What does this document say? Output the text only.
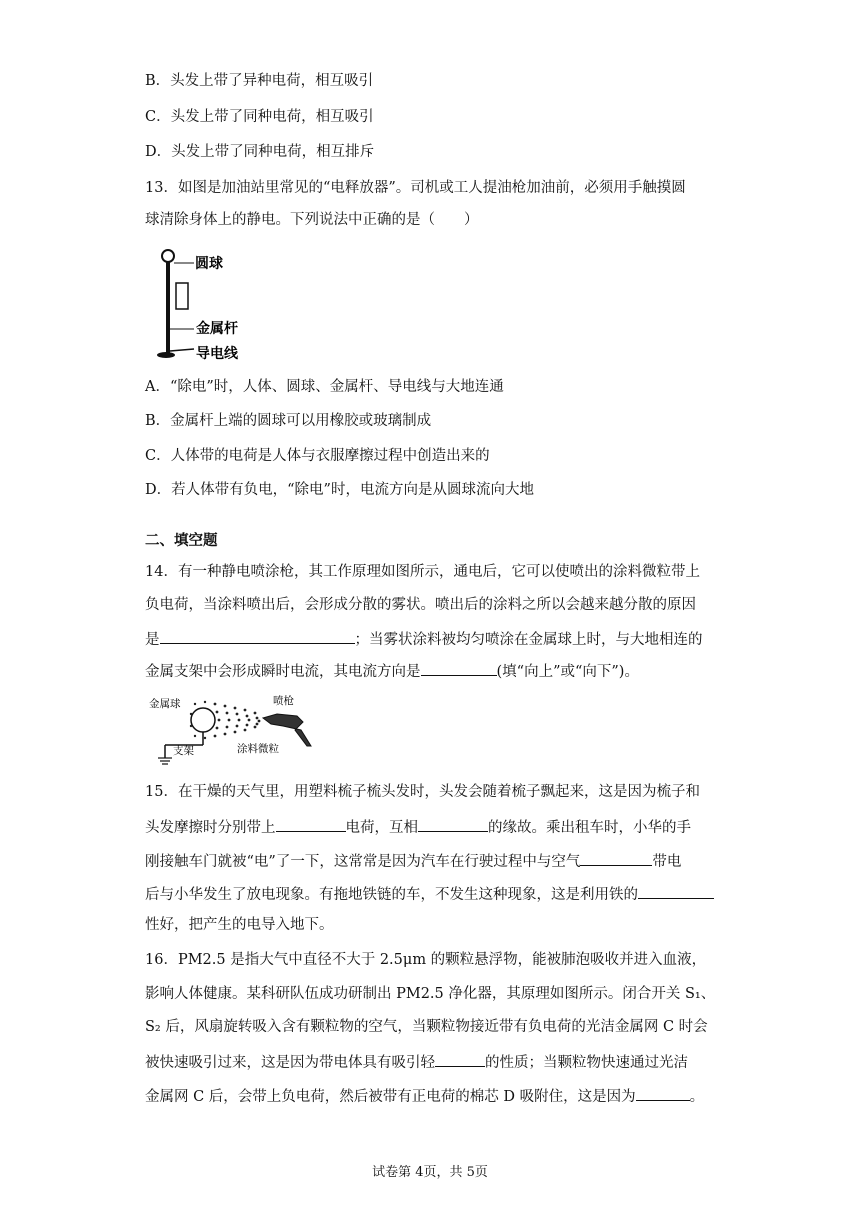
B．头发上带了异种电荷，相互吸引
C．头发上带了同种电荷，相互吸引
D．头发上带了同种电荷，相互排斥
13．如图是加油站里常见的“电释放器”。司机或工人提油枪加油前，必须用手触摸圆
球清除身体上的静电。下列说法中正确的是（　　）
圆球
金属杆
导电线
A．“除电”时，人体、圆球、金属杆、导电线与大地连通
B．金属杆上端的圆球可以用橡胶或玻璃制成
C．人体带的电荷是人体与衣服摩擦过程中创造出来的
D．若人体带有负电，“除电”时，电流方向是从圆球流向大地
二、填空题
14．有一种静电喷涂枪，其工作原理如图所示，通电后，它可以使喷出的涂料微粒带上
负电荷，当涂料喷出后，会形成分散的雾状。喷出后的涂料之所以会越来越分散的原因
是	；当雾状涂料被均匀喷涂在金属球上时，与大地相连的
金属支架中会形成瞬时电流，其电流方向是	(填“向上”或“向下”)。
金属球
支架
喷枪
涂料微粒
15．在干燥的天气里，用塑料梳子梳头发时，头发会随着梳子飘起来，这是因为梳子和
头发摩擦时分别带上	电荷，互相	的缘故。乘出租车时，小华的手
刚接触车门就被“电”了一下，这常常是因为汽车在行驶过程中与空气	带电
后与小华发生了放电现象。有拖地铁链的车，不发生这种现象，这是利用铁的
性好，把产生的电导入地下。
16．PM2.5 是指大气中直径不大于 2.5μm 的颗粒悬浮物，能被肺泡吸收并进入血液，
影响人体健康。某科研队伍成功研制出 PM2.5 净化器，其原理如图所示。闭合开关 S₁、
S₂ 后，风扇旋转吸入含有颗粒物的空气，当颗粒物接近带有负电荷的光洁金属网 C 时会
被快速吸引过来，这是因为带电体具有吸引轻	的性质；当颗粒物快速通过光洁
金属网 C 后，会带上负电荷，然后被带有正电荷的棉芯 D 吸附住，这是因为	。
试卷第 4页，共 5页
